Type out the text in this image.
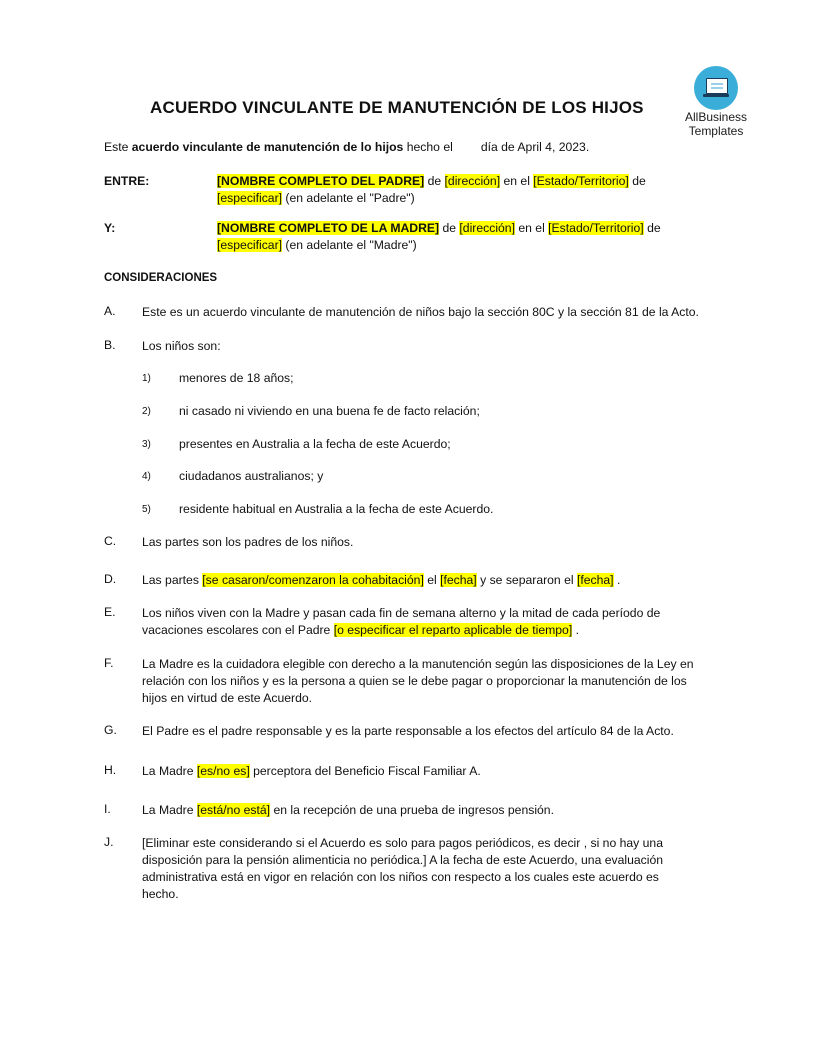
ACUERDO VINCULANTE DE MANUTENCIÓN DE LOS HIJOS	AllBusiness
Templates
Este acuerdo vinculante de manutención de lo hijos hecho el día de April 4, 2023.
ENTRE:	[NOMBRE COMPLETO DEL PADRE] de [dirección] en el [Estado/Territorio] de
[especificar] (en adelante el "Padre")
Y:	[NOMBRE COMPLETO DE LA MADRE] de [dirección] en el [Estado/Territorio] de
[especificar] (en adelante el "Madre")
CONSIDERACIONES
A. Este es un acuerdo vinculante de manutención de niños bajo la sección 80C y la sección 81 de la Acto.
B. Los niños son:
1) menores de 18 años;
2) ni casado ni viviendo en una buena fe de facto relación;
3) presentes en Australia a la fecha de este Acuerdo;
4) ciudadanos australianos; y
5) residente habitual en Australia a la fecha de este Acuerdo.
C. Las partes son los padres de los niños.
D. Las partes [se casaron/comenzaron la cohabitación] el [fecha] y se separaron el [fecha] .
E. Los niños viven con la Madre y pasan cada fin de semana alterno y la mitad de cada período de
vacaciones escolares con el Padre [o especificar el reparto aplicable de tiempo] .
F. La Madre es la cuidadora elegible con derecho a la manutención según las disposiciones de la Ley en
relación con los niños y es la persona a quien se le debe pagar o proporcionar la manutención de los
hijos en virtud de este Acuerdo.
G. El Padre es el padre responsable y es la parte responsable a los efectos del artículo 84 de la Acto.
H. La Madre [es/no es] perceptora del Beneficio Fiscal Familiar A.
I.	La Madre [está/no está] en la recepción de una prueba de ingresos pensión.
J. [Eliminar este considerando si el Acuerdo es solo para pagos periódicos, es decir , si no hay una
disposición para la pensión alimenticia no periódica.] A la fecha de este Acuerdo, una evaluación
administrativa está en vigor en relación con los niños con respecto a los cuales este acuerdo es
hecho.
